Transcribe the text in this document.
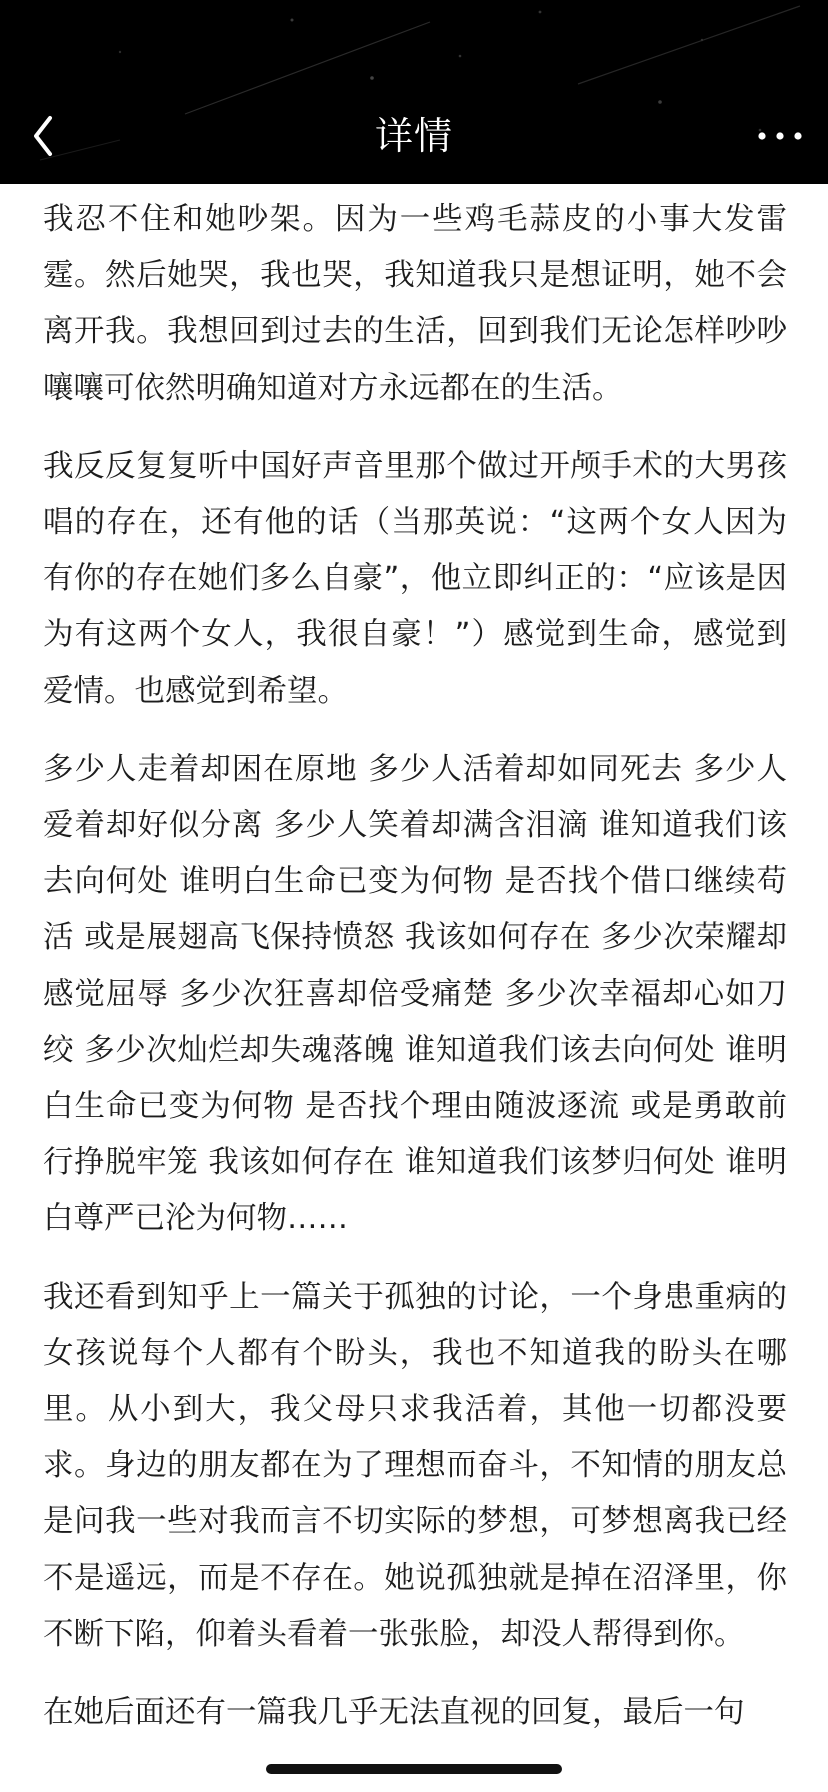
详情

我忍不住和她吵架。因为一些鸡毛蒜皮的小事大发雷霆。然后她哭，我也哭，我知道我只是想证明，她不会离开我。我想回到过去的生活，回到我们无论怎样吵吵嚷嚷可依然明确知道对方永远都在的生活。

我反反复复听中国好声音里那个做过开颅手术的大男孩唱的存在，还有他的话（当那英说：“这两个女人因为有你的存在她们多么自豪”，他立即纠正的：“应该是因为有这两个女人，我很自豪！”）感觉到生命，感觉到爱情。也感觉到希望。

多少人走着却困在原地 多少人活着却如同死去 多少人爱着却好似分离 多少人笑着却满含泪滴 谁知道我们该去向何处 谁明白生命已变为何物 是否找个借口继续苟活 或是展翅高飞保持愤怒 我该如何存在 多少次荣耀却感觉屈辱 多少次狂喜却倍受痛楚 多少次幸福却心如刀绞 多少次灿烂却失魂落魄 谁知道我们该去向何处 谁明白生命已变为何物 是否找个理由随波逐流 或是勇敢前行挣脱牢笼 我该如何存在 谁知道我们该梦归何处 谁明白尊严已沦为何物……

我还看到知乎上一篇关于孤独的讨论，一个身患重病的女孩说每个人都有个盼头，我也不知道我的盼头在哪里。从小到大，我父母只求我活着，其他一切都没要求。身边的朋友都在为了理想而奋斗，不知情的朋友总是问我一些对我而言不切实际的梦想，可梦想离我已经不是遥远，而是不存在。她说孤独就是掉在沼泽里，你不断下陷，仰着头看着一张张脸，却没人帮得到你。

在她后面还有一篇我几乎无法直视的回复，最后一句
